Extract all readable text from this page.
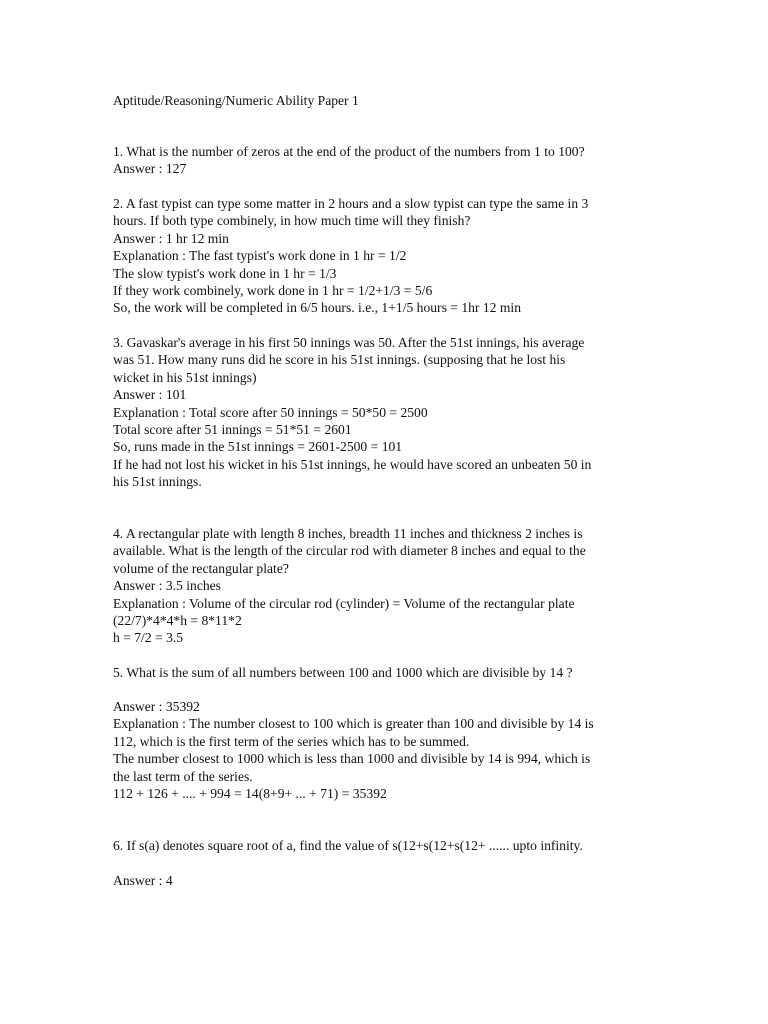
Aptitude/Reasoning/Numeric Ability Paper 1

1. What is the number of zeros at the end of the product of the numbers from 1 to 100?
Answer : 127

2. A fast typist can type some matter in 2 hours and a slow typist can type the same in 3
hours. If both type combinely, in how much time will they finish?
Answer : 1 hr 12 min
Explanation : The fast typist's work done in 1 hr = 1/2
The slow typist's work done in 1 hr = 1/3
If they work combinely, work done in 1 hr = 1/2+1/3 = 5/6
So, the work will be completed in 6/5 hours. i.e., 1+1/5 hours = 1hr 12 min

3. Gavaskar's average in his first 50 innings was 50. After the 51st innings, his average
was 51. How many runs did he score in his 51st innings. (supposing that he lost his
wicket in his 51st innings)
Answer : 101
Explanation : Total score after 50 innings = 50*50 = 2500
Total score after 51 innings = 51*51 = 2601
So, runs made in the 51st innings = 2601-2500 = 101
If he had not lost his wicket in his 51st innings, he would have scored an unbeaten 50 in
his 51st innings.

4. A rectangular plate with length 8 inches, breadth 11 inches and thickness 2 inches is
available. What is the length of the circular rod with diameter 8 inches and equal to the
volume of the rectangular plate?
Answer : 3.5 inches
Explanation : Volume of the circular rod (cylinder) = Volume of the rectangular plate
(22/7)*4*4*h = 8*11*2
h = 7/2 = 3.5

5. What is the sum of all numbers between 100 and 1000 which are divisible by 14 ?

Answer : 35392
Explanation : The number closest to 100 which is greater than 100 and divisible by 14 is
112, which is the first term of the series which has to be summed.
The number closest to 1000 which is less than 1000 and divisible by 14 is 994, which is
the last term of the series.
112 + 126 + .... + 994 = 14(8+9+ ... + 71) = 35392

6. If s(a) denotes square root of a, find the value of s(12+s(12+s(12+ ...... upto infinity.

Answer : 4
